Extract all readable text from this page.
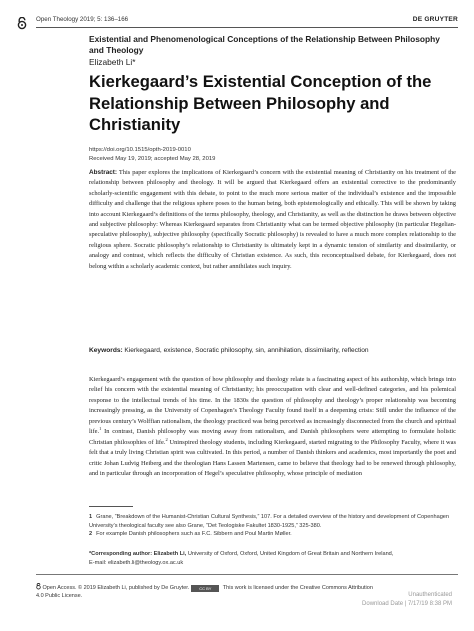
Open Theology 2019; 5: 136–166	DE GRUYTER
Existential and Phenomenological Conceptions of the Relationship Between Philosophy and Theology
Elizabeth Li*
Kierkegaard’s Existential Conception of the Relationship Between Philosophy and Christianity
https://doi.org/10.1515/opth-2019-0010
Received May 19, 2019; accepted May 28, 2019
Abstract: This paper explores the implications of Kierkegaard’s concern with the existential meaning of Christianity on his treatment of the relationship between philosophy and theology. It will be argued that Kierkegaard offers an existential corrective to the predominantly scholarly-scientific engagement with this debate, to point to the much more serious matter of the individual’s existence and the impossible difficulty and challenge that the religious sphere poses to the human being, both epistemologically and ethically. This will be shown by taking into account Kierkegaard’s definitions of the terms philosophy, theology, and Christianity, as well as the distinction he draws between objective and subjective philosophy: Whereas Kierkegaard separates from Christianity what can be termed objective philosophy (in particular Hegelian-speculative philosophy), subjective philosophy (specifically Socratic philosophy) is revealed to have a much more complex relationship to the religious sphere. Socratic philosophy’s relationship to Christianity is ultimately kept in a dynamic tension of similarity and dissimilarity, or analogy and contrast, which reflects the difficulty of Christian existence. As such, this reconceptualised debate, for Kierkegaard, does not belong within a scholarly academic context, but rather annihilates such inquiry.
Keywords: Kierkegaard, existence, Socratic philosophy, sin, annihilation, dissimilarity, reflection
Kierkegaard’s engagement with the question of how philosophy and theology relate is a fascinating aspect of his authorship, which brings into relief his concern with the existential meaning of Christianity; his preoccupation with clear and well-defined categories, and his polemical response to the intellectual trends of his time. In the 1830s the question of philosophy and theology’s proper relationship was becoming increasingly pressing, as the University of Copenhagen’s Theology Faculty found itself in a deepening crisis: Still under the influence of the previous century’s Wolffian rationalism, the theology practiced was being perceived as increasingly disconnected from the church and spiritual life.$^1$ In contrast, Danish philosophy was moving away from rationalism, and Danish philosophers were attempting to formulate holistic Christian philosophies of life.$^2$ Uninspired theology students, including Kierkegaard, started migrating to the Philosophy Faculty, where it was felt that a truly living Christian spirit was cultivated. In this period, a number of Danish thinkers and academics, most importantly the poet and critic Johan Ludvig Heiberg and the theologian Hans Lassen Martensen, came to believe that theology had to be renewed through philosophy, and in particular through an incorporation of Hegel’s speculative philosophy, whose principle of mediation
1 Grane, “Breakdown of the Humanist-Christian Cultural Synthesis,” 107. For a detailed overview of the history and development of Copenhagen University’s theological faculty see also Grane, “Det Teologiske Fakultet 1830-1925,” 325-380.
2 For example Danish philosophers such as F.C. Sibbern and Poul Martin Møller.
*Corresponding author: Elizabeth Li, University of Oxford, Oxford, United Kingdom of Great Britain and Northern Ireland,
E-mail: elizabeth.li@theology.ox.ac.uk
Open Access. © 2019 Elizabeth Li, published by De Gruyter. CC BY This work is licensed under the Creative Commons Attribution
4.0 Public License.	Unauthenticated
Download Date | 7/17/19 8:38 PM
